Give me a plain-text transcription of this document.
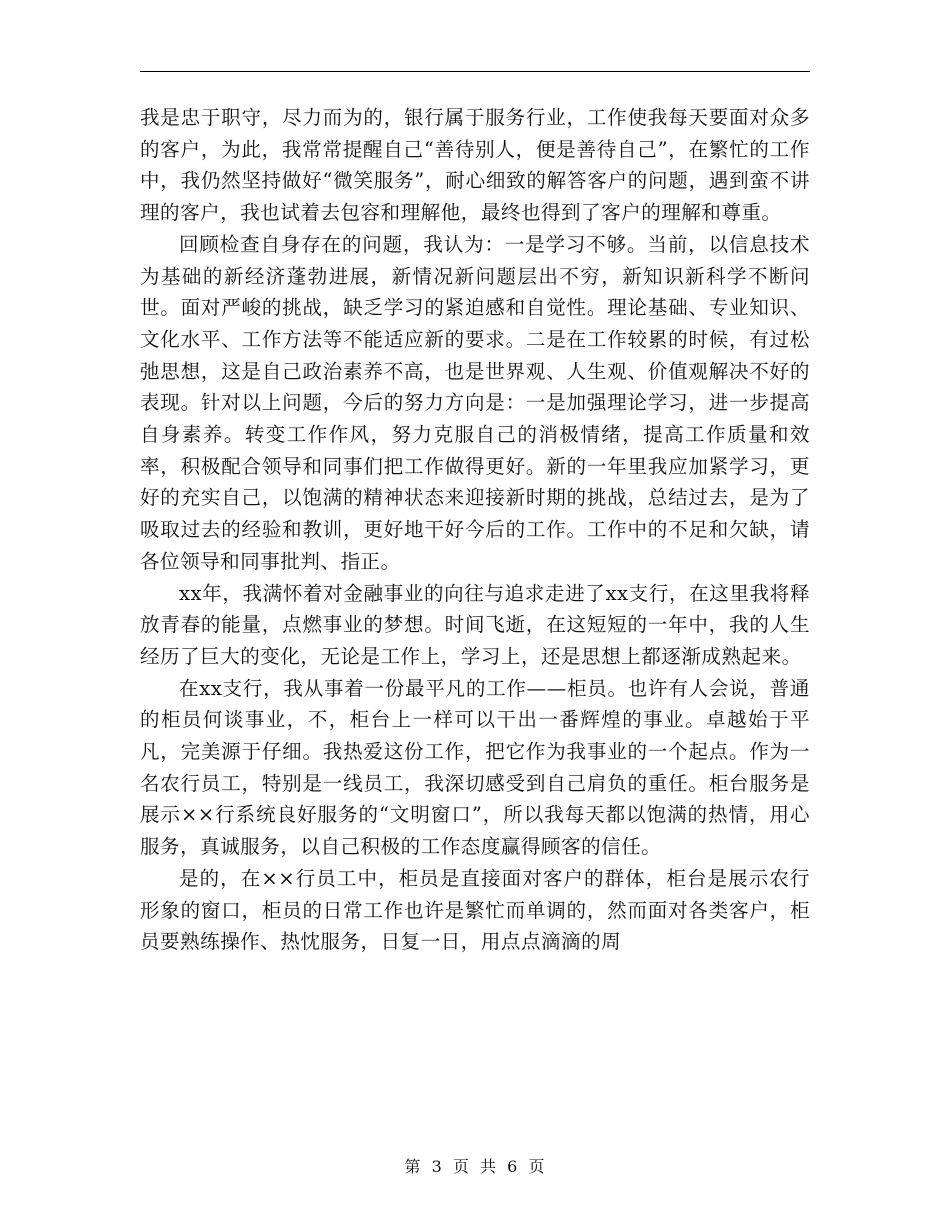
我是忠于职守，尽力而为的，银行属于服务行业，工作使我每天要面对众多的客户，为此，我常常提醒自己“善待别人，便是善待自己”，在繁忙的工作中，我仍然坚持做好“微笑服务”，耐心细致的解答客户的问题，遇到蛮不讲理的客户，我也试着去包容和理解他，最终也得到了客户的理解和尊重。

回顾检查自身存在的问题，我认为：一是学习不够。当前，以信息技术为基础的新经济蓬勃进展，新情况新问题层出不穷，新知识新科学不断问世。面对严峻的挑战，缺乏学习的紧迫感和自觉性。理论基础、专业知识、文化水平、工作方法等不能适应新的要求。二是在工作较累的时候，有过松弛思想，这是自己政治素养不高，也是世界观、人生观、价值观解决不好的表现。针对以上问题，今后的努力方向是：一是加强理论学习，进一步提高自身素养。转变工作作风，努力克服自己的消极情绪，提高工作质量和效率，积极配合领导和同事们把工作做得更好。新的一年里我应加紧学习，更好的充实自己，以饱满的精神状态来迎接新时期的挑战，总结过去，是为了吸取过去的经验和教训，更好地干好今后的工作。工作中的不足和欠缺，请各位领导和同事批判、指正。

xx年，我满怀着对金融事业的向往与追求走进了xx支行，在这里我将释放青春的能量，点燃事业的梦想。时间飞逝，在这短短的一年中，我的人生经历了巨大的变化，无论是工作上，学习上，还是思想上都逐渐成熟起来。

在xx支行，我从事着一份最平凡的工作——柜员。也许有人会说，普通的柜员何谈事业，不，柜台上一样可以干出一番辉煌的事业。卓越始于平凡，完美源于仔细。我热爱这份工作，把它作为我事业的一个起点。作为一名农行员工，特别是一线员工，我深切感受到自己肩负的重任。柜台服务是展示××行系统良好服务的“文明窗口”，所以我每天都以饱满的热情，用心服务，真诚服务，以自己积极的工作态度赢得顾客的信任。

是的，在××行员工中，柜员是直接面对客户的群体，柜台是展示农行形象的窗口，柜员的日常工作也许是繁忙而单调的，然而面对各类客户，柜员要熟练操作、热忱服务，日复一日，用点点滴滴的周

第 3 页 共 6 页
